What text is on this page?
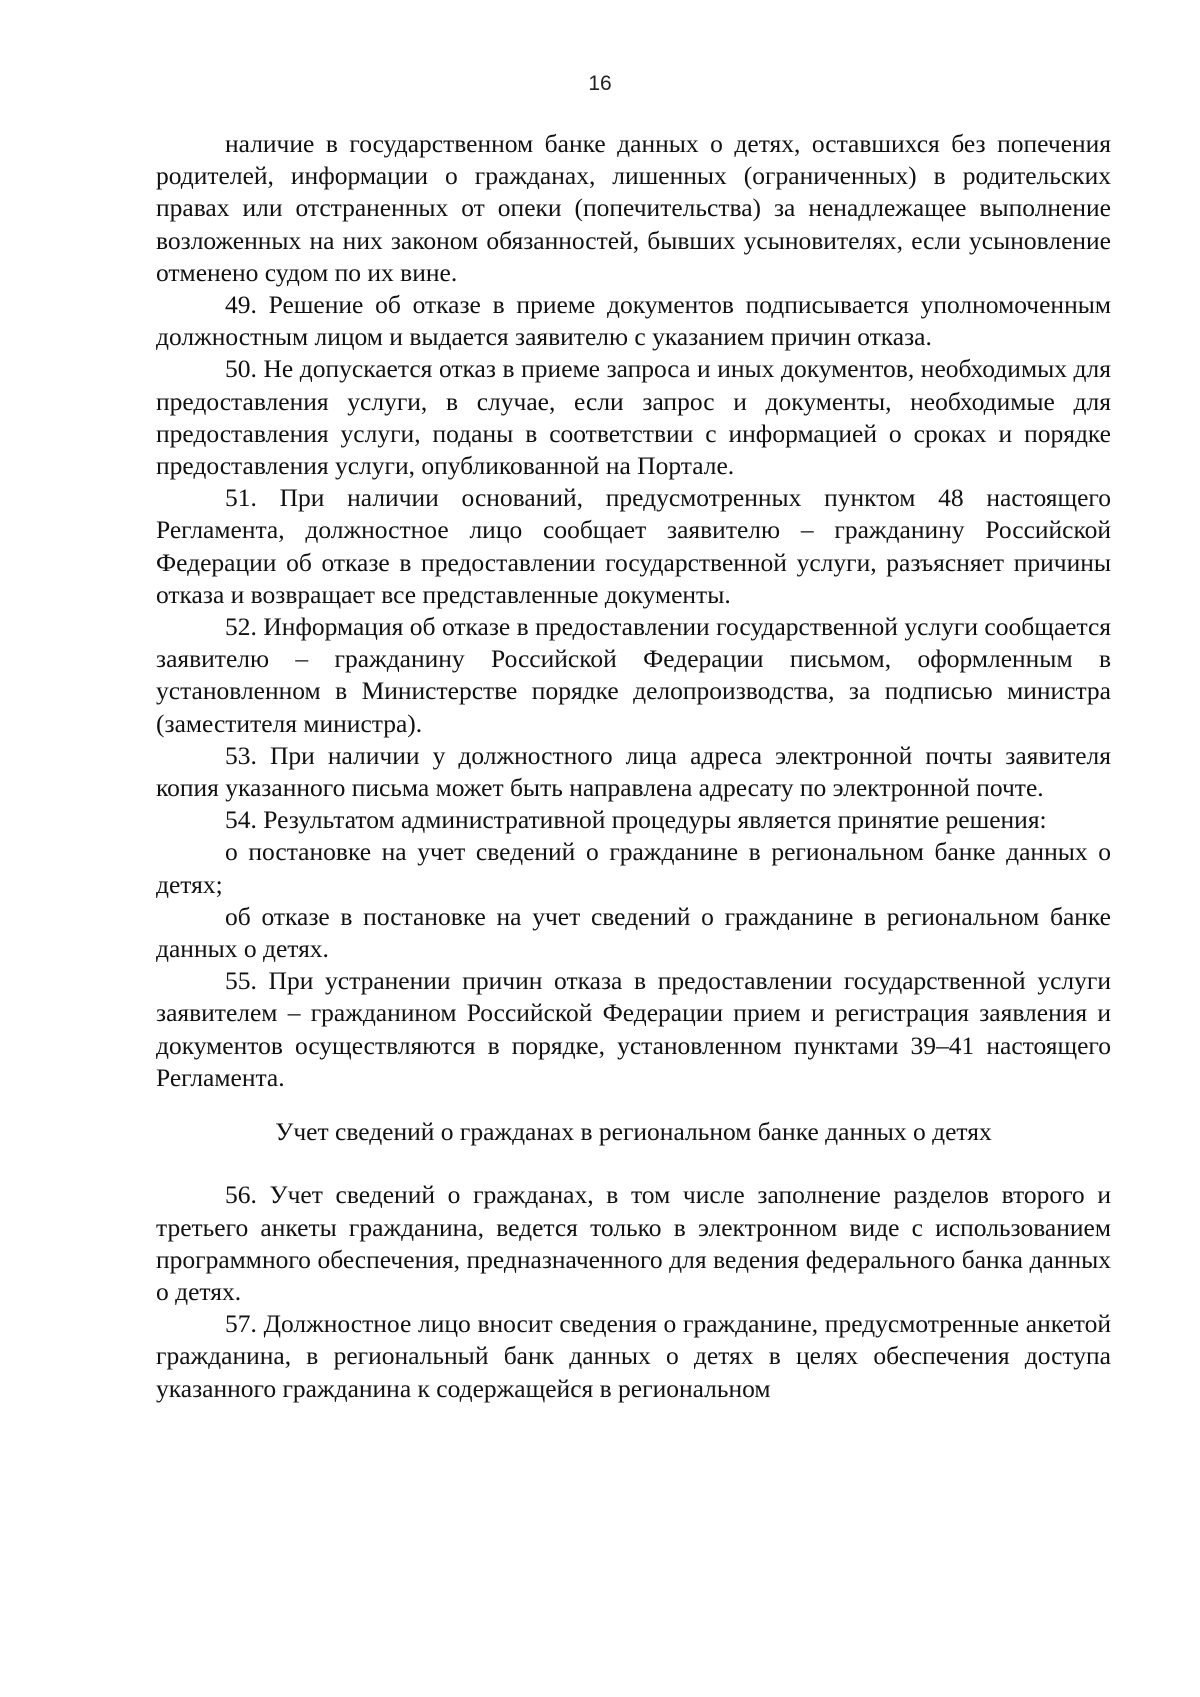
16

наличие в государственном банке данных о детях, оставшихся без попечения родителей, информации о гражданах, лишенных (ограниченных) в родительских правах или отстраненных от опеки (попечительства) за ненадлежащее выполнение возложенных на них законом обязанностей, бывших усыновителях, если усыновление отменено судом по их вине.

49. Решение об отказе в приеме документов подписывается уполномоченным должностным лицом и выдается заявителю с указанием причин отказа.

50. Не допускается отказ в приеме запроса и иных документов, необходимых для предоставления услуги, в случае, если запрос и документы, необходимые для предоставления услуги, поданы в соответствии с информацией о сроках и порядке предоставления услуги, опубликованной на Портале.

51. При наличии оснований, предусмотренных пунктом 48 настоящего Регламента, должностное лицо сообщает заявителю – гражданину Российской Федерации об отказе в предоставлении государственной услуги, разъясняет причины отказа и возвращает все представленные документы.

52. Информация об отказе в предоставлении государственной услуги сообщается заявителю – гражданину Российской Федерации письмом, оформленным в установленном в Министерстве порядке делопроизводства, за подписью министра (заместителя министра).

53. При наличии у должностного лица адреса электронной почты заявителя копия указанного письма может быть направлена адресату по электронной почте.

54. Результатом административной процедуры является принятие решения:

о постановке на учет сведений о гражданине в региональном банке данных о детях;

об отказе в постановке на учет сведений о гражданине в региональном банке данных о детях.

55. При устранении причин отказа в предоставлении государственной услуги заявителем – гражданином Российской Федерации прием и регистрация заявления и документов осуществляются в порядке, установленном пунктами 39–41 настоящего Регламента.

Учет сведений о гражданах в региональном банке данных о детях

56. Учет сведений о гражданах, в том числе заполнение разделов второго и третьего анкеты гражданина, ведется только в электронном виде с использованием программного обеспечения, предназначенного для ведения федерального банка данных о детях.

57. Должностное лицо вносит сведения о гражданине, предусмотренные анкетой гражданина, в региональный банк данных о детях в целях обеспечения доступа указанного гражданина к содержащейся в региональном
